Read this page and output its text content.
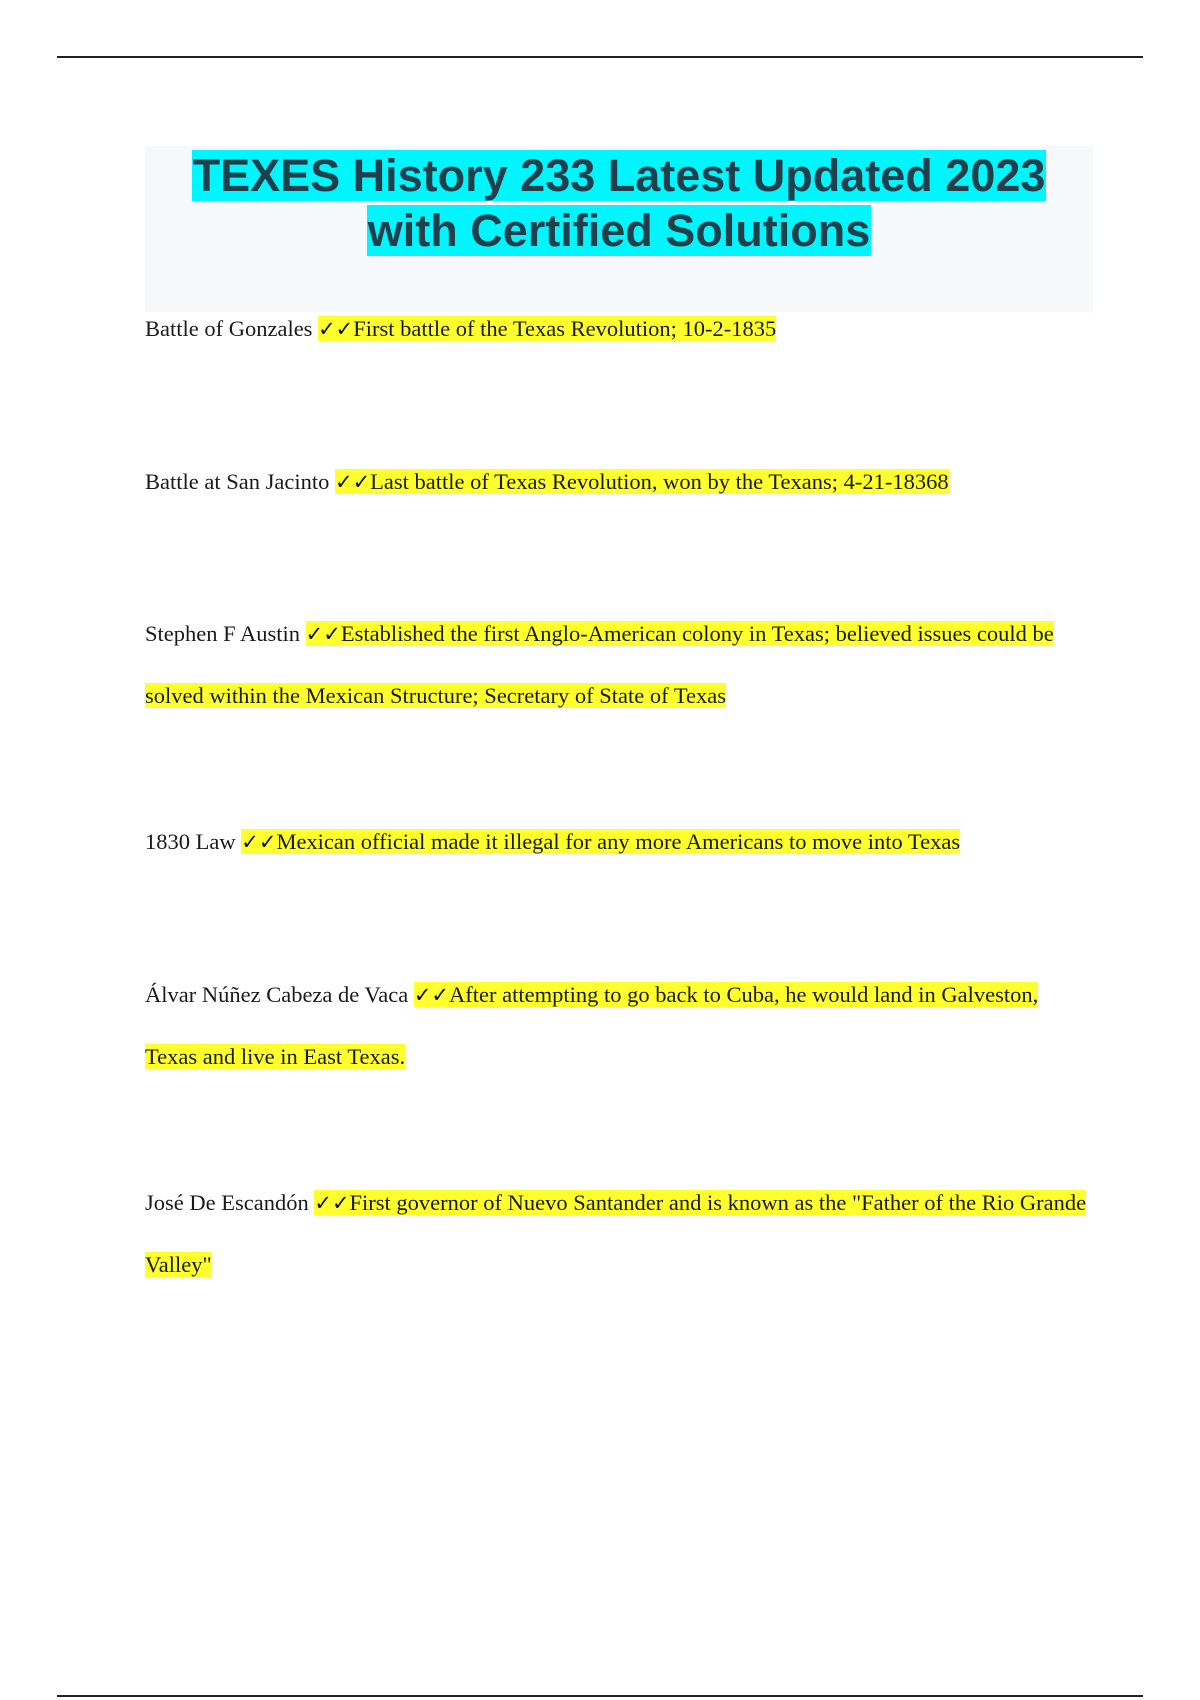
TEXES History 233 Latest Updated 2023
with Certified Solutions

Battle of Gonzales ✓✓First battle of the Texas Revolution; 10-2-1835

Battle at San Jacinto ✓✓Last battle of Texas Revolution, won by the Texans; 4-21-18368

Stephen F Austin ✓✓Established the first Anglo-American colony in Texas; believed issues could be solved within the Mexican Structure; Secretary of State of Texas

1830 Law ✓✓Mexican official made it illegal for any more Americans to move into Texas

Álvar Núñez Cabeza de Vaca ✓✓After attempting to go back to Cuba, he would land in Galveston, Texas and live in East Texas.

José De Escandón ✓✓First governor of Nuevo Santander and is known as the "Father of the Rio Grande Valley"
